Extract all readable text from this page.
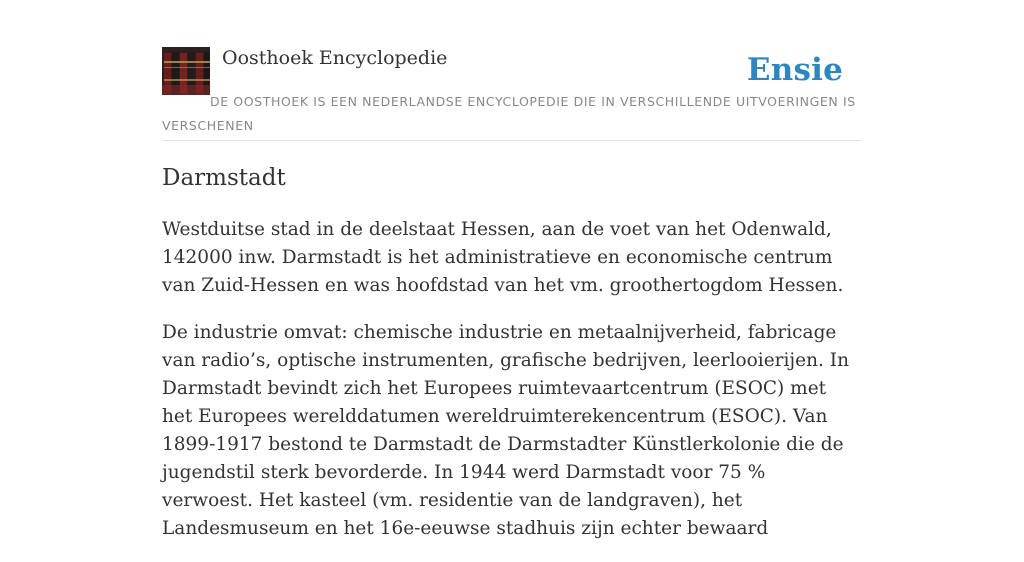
Oosthoek Encyclopedie	Ensie
DE OOSTHOEK IS EEN NEDERLANDSE ENCYCLOPEDIE DIE IN VERSCHILLENDE UITVOERINGEN IS VERSCHENEN
Darmstadt

Westduitse stad in de deelstaat Hessen, aan de voet van het Odenwald, 142000 inw. Darmstadt is het administratieve en economische centrum van Zuid-Hessen en was hoofdstad van het vm. groothertogdom Hessen.

De industrie omvat: chemische industrie en metaalnijverheid, fabricage van radio’s, optische instrumenten, grafische bedrijven, leerlooierijen. In Darmstadt bevindt zich het Europees ruimtevaartcentrum (ESOC) met het Europees werelddatumen wereldruimterekencentrum (ESOC). Van 1899-1917 bestond te Darmstadt de Darmstadter Künstlerkolonie die de jugendstil sterk bevorderde. In 1944 werd Darmstadt voor 75 % verwoest. Het kasteel (vm. residentie van de landgraven), het Landesmuseum en het 16e-eeuwse stadhuis zijn echter bewaard
